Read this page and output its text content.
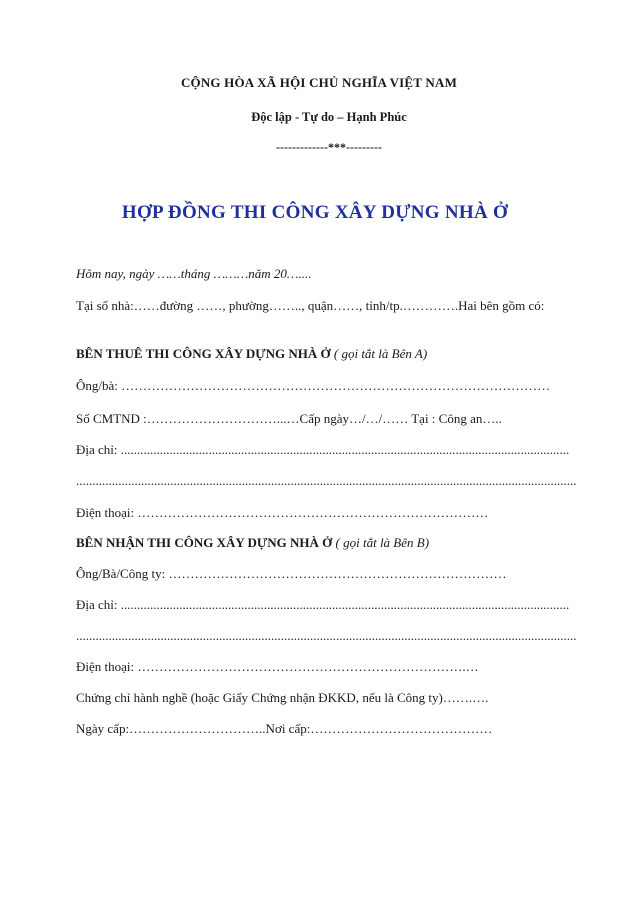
CỘNG HÒA XÃ HỘI CHỦ NGHĨA VIỆT NAM
Độc lập - Tự do – Hạnh Phúc
-------------***---------
HỢP ĐỒNG THI CÔNG XÂY DỰNG NHÀ Ở
Hôm nay, ngày ……tháng ………năm 20…....
Tại số nhà:……đường ……, phường…….., quận……, tỉnh/tp.………….Hai bên gồm có:
BÊN THUÊ THI CÔNG XÂY DỰNG NHÀ Ở ( gọi tắt là Bên A)
Ông/bà: ………………………………………………………………………………………
Số CMTND :…………………………...…Cấp ngày…/…/…… Tại : Công an…..
Địa chỉ: ..........................................................................................................................................
..........................................................................................................................................................
Điện thoại: ………………………………………………………………………
BÊN NHẬN THI CÔNG XÂY DỰNG NHÀ Ở ( gọi tắt là Bên B)
Ông/Bà/Công ty: ……………………………………………………………………
Địa chỉ: ..........................................................................................................................................
..........................................................................................................................................................
Điện thoại: ………………………………………………………………….…
Chứng chỉ hành nghề (hoặc Giấy Chứng nhận ĐKKD, nếu là Công ty)…….….
Ngày cấp:…………………………..Nơi cấp:……………………………………
